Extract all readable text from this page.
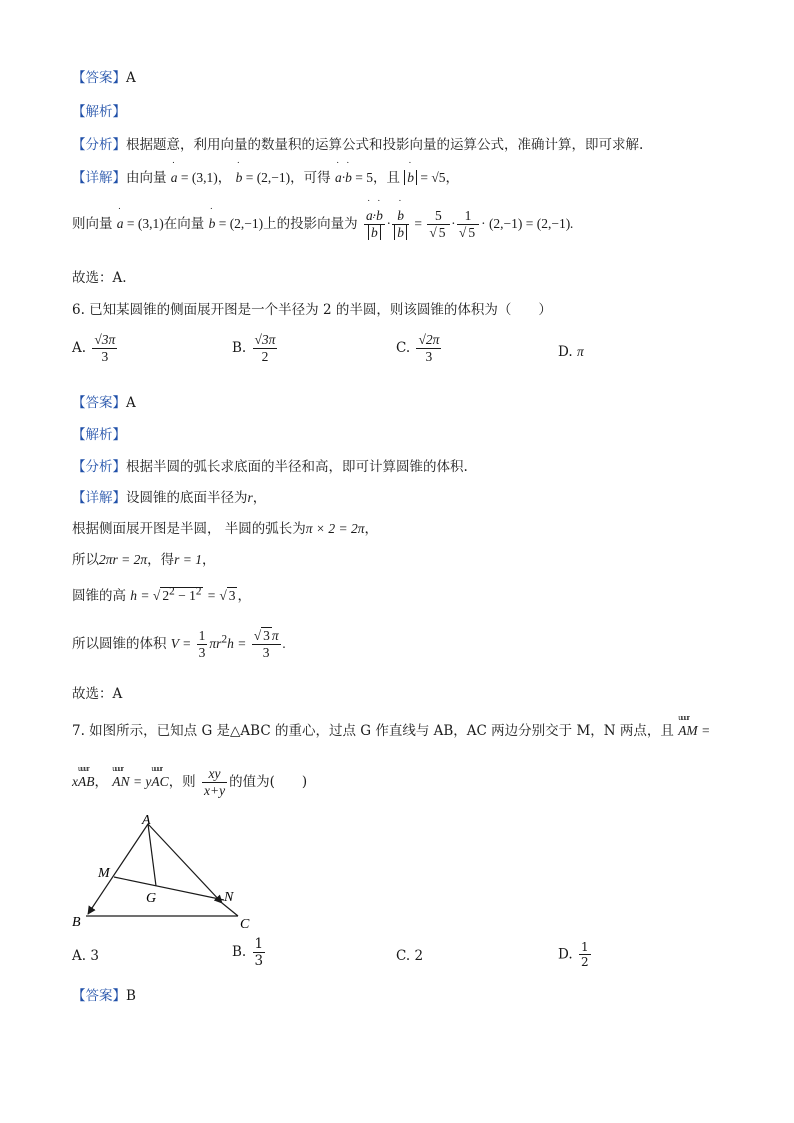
【答案】A
【解析】
【分析】根据题意，利用向量的数量积的运算公式和投影向量的运算公式，准确计算，即可求解.
【详解】由向量 ˙ a = (3,1)， ˙ b = (2,−1)，可得 ˙ a·˙ b = 5，且 ˙ b = √5，
则向量 ˙ a = (3,1)在向量 ˙ b = (2,−1)上的投影向量为 ˙ a·˙ b
˙ b · ˙ b
˙ $b = \frac{5}{√ 5} \cdot \frac{1}{√ 5} \cdot (2,-1) = (2,-1)$.
故选：A.
6. 已知某圆锥的侧面展开图是一个半径为 2 的半圆，则该圆锥的体积为（　　）
A. $\frac{√3\pi}{3}$	B. $\frac{√3\pi}{2}$	C. $\frac{√2\pi}{3}$	D. π
【答案】A
【解析】
【分析】根据半圆的弧长求底面的半径和高，即可计算圆锥的体积.
【详解】设圆锥的底面半径为r，
根据侧面展开图是半圆， 半圆的弧长为π × 2 = 2π，
所以2πr = 2π，得r = 1，
圆锥的高 h = √ $2^2 - 1^2$ = √ 3 ，
所以圆锥的体积 $V = \frac{1}{3} \pi r^2h = \frac{√ 3 \pi}{3}$ .
故选：A
7. 如图所示，已知点 G 是△ABC 的重心，过点 G 作直线与 AB，AC 两边分别交于 M，N 两点，且 uuur AM =
xuuur AB， uuur AN = yuuur AC，则 $\frac{xy}{x+y}$ 的值为(　　)
A
M
G	N
B	C
A. 3	B. $\frac{1}{3}$	C. 2	D. $\frac{1}{2}$
【答案】B
